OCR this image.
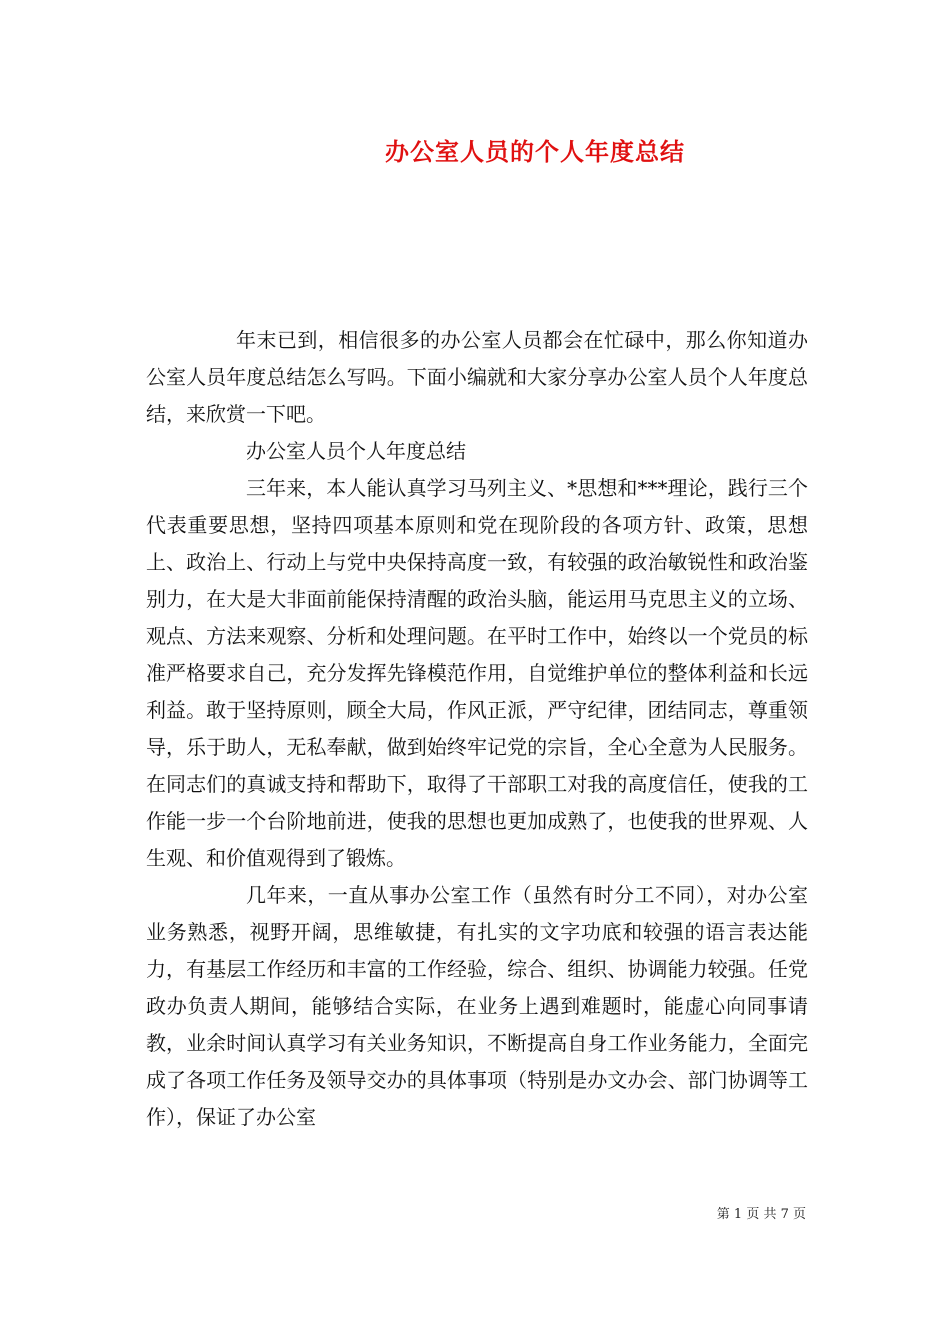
办公室人员的个人年度总结

年末已到，相信很多的办公室人员都会在忙碌中，那么你知道办公室人员年度总结怎么写吗。下面小编就和大家分享办公室人员个人年度总结，来欣赏一下吧。

办公室人员个人年度总结

三年来，本人能认真学习马列主义、*思想和***理论，践行三个代表重要思想，坚持四项基本原则和党在现阶段的各项方针、政策，思想上、政治上、行动上与党中央保持高度一致，有较强的政治敏锐性和政治鉴别力，在大是大非面前能保持清醒的政治头脑，能运用马克思主义的立场、观点、方法来观察、分析和处理问题。在平时工作中，始终以一个党员的标准严格要求自己，充分发挥先锋模范作用，自觉维护单位的整体利益和长远利益。敢于坚持原则，顾全大局，作风正派，严守纪律，团结同志，尊重领导，乐于助人，无私奉献，做到始终牢记党的宗旨，全心全意为人民服务。在同志们的真诚支持和帮助下，取得了干部职工对我的高度信任，使我的工作能一步一个台阶地前进，使我的思想也更加成熟了，也使我的世界观、人生观、和价值观得到了锻炼。

几年来，一直从事办公室工作（虽然有时分工不同），对办公室业务熟悉，视野开阔，思维敏捷，有扎实的文字功底和较强的语言表达能力，有基层工作经历和丰富的工作经验，综合、组织、协调能力较强。任党政办负责人期间，能够结合实际，在业务上遇到难题时，能虚心向同事请教，业余时间认真学习有关业务知识，不断提高自身工作业务能力，全面完成了各项工作任务及领导交办的具体事项（特别是办文办会、部门协调等工作），保证了办公室

第 1 页 共 7 页
